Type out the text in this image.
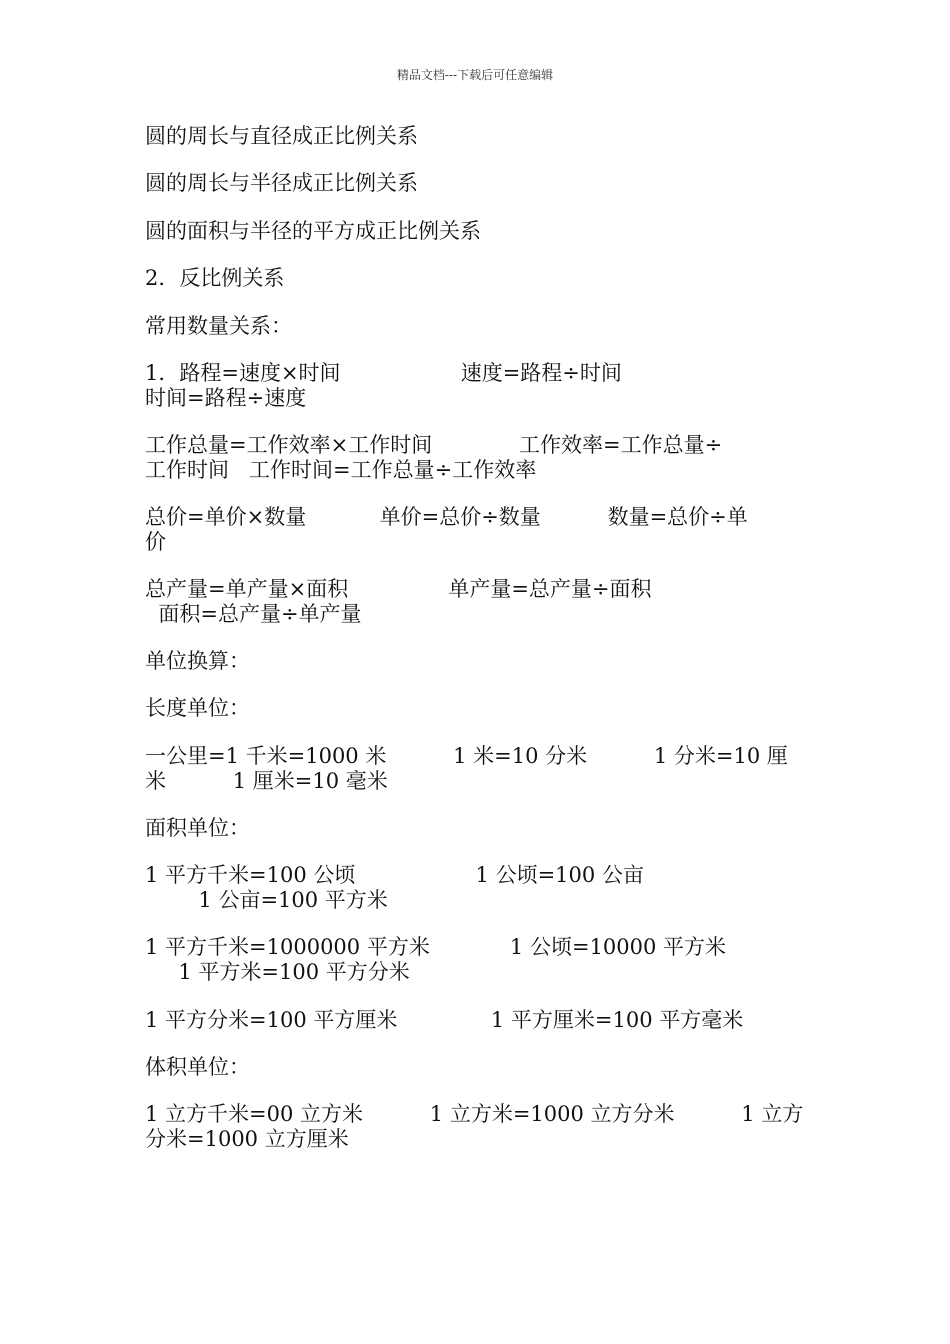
精品文档---下载后可任意编辑
圆的周长与直径成正比例关系
圆的周长与半径成正比例关系
圆的面积与半径的平方成正比例关系
2．反比例关系
常用数量关系：
1．路程=速度×时间                  速度=路程÷时间
时间=路程÷速度
工作总量=工作效率×工作时间             工作效率=工作总量÷
工作时间   工作时间=工作总量÷工作效率
总价=单价×数量           单价=总价÷数量          数量=总价÷单
价
总产量=单产量×面积               单产量=总产量÷面积
面积=总产量÷单产量
单位换算：
长度单位：
一公里=1 千米=1000 米          1 米=10 分米          1 分米=10 厘
米          1 厘米=10 毫米
面积单位：
1 平方千米=100 公顷                  1 公顷=100 公亩
1 公亩=100 平方米
1 平方千米=1000000 平方米            1 公顷=10000 平方米
1 平方米=100 平方分米
1 平方分米=100 平方厘米              1 平方厘米=100 平方毫米
体积单位：
1 立方千米=00 立方米          1 立方米=1000 立方分米          1 立方
分米=1000 立方厘米
